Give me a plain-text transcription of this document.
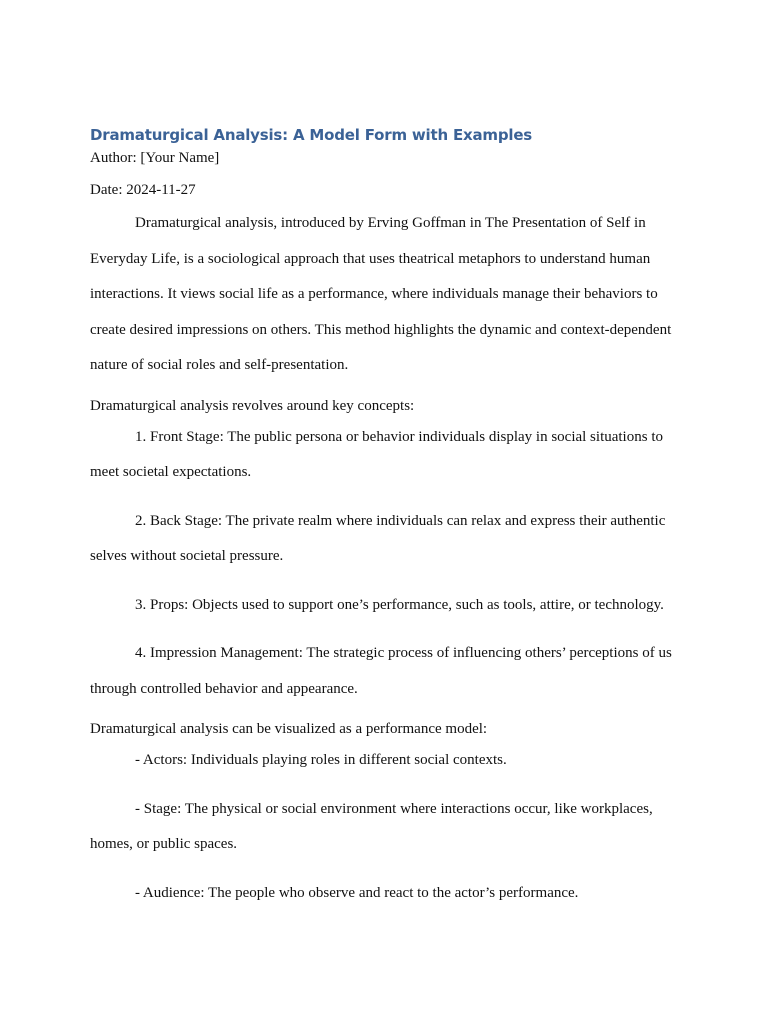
Dramaturgical Analysis: A Model Form with Examples

Author: [Your Name]

Date: 2024-11-27

Dramaturgical analysis, introduced by Erving Goffman in The Presentation of Self in Everyday Life, is a sociological approach that uses theatrical metaphors to understand human interactions. It views social life as a performance, where individuals manage their behaviors to create desired impressions on others. This method highlights the dynamic and context-dependent nature of social roles and self-presentation.

Dramaturgical analysis revolves around key concepts:

1. Front Stage: The public persona or behavior individuals display in social situations to meet societal expectations.

2. Back Stage: The private realm where individuals can relax and express their authentic selves without societal pressure.

3. Props: Objects used to support one’s performance, such as tools, attire, or technology.

4. Impression Management: The strategic process of influencing others’ perceptions of us through controlled behavior and appearance.

Dramaturgical analysis can be visualized as a performance model:

- Actors: Individuals playing roles in different social contexts.

- Stage: The physical or social environment where interactions occur, like workplaces, homes, or public spaces.

- Audience: The people who observe and react to the actor’s performance.
